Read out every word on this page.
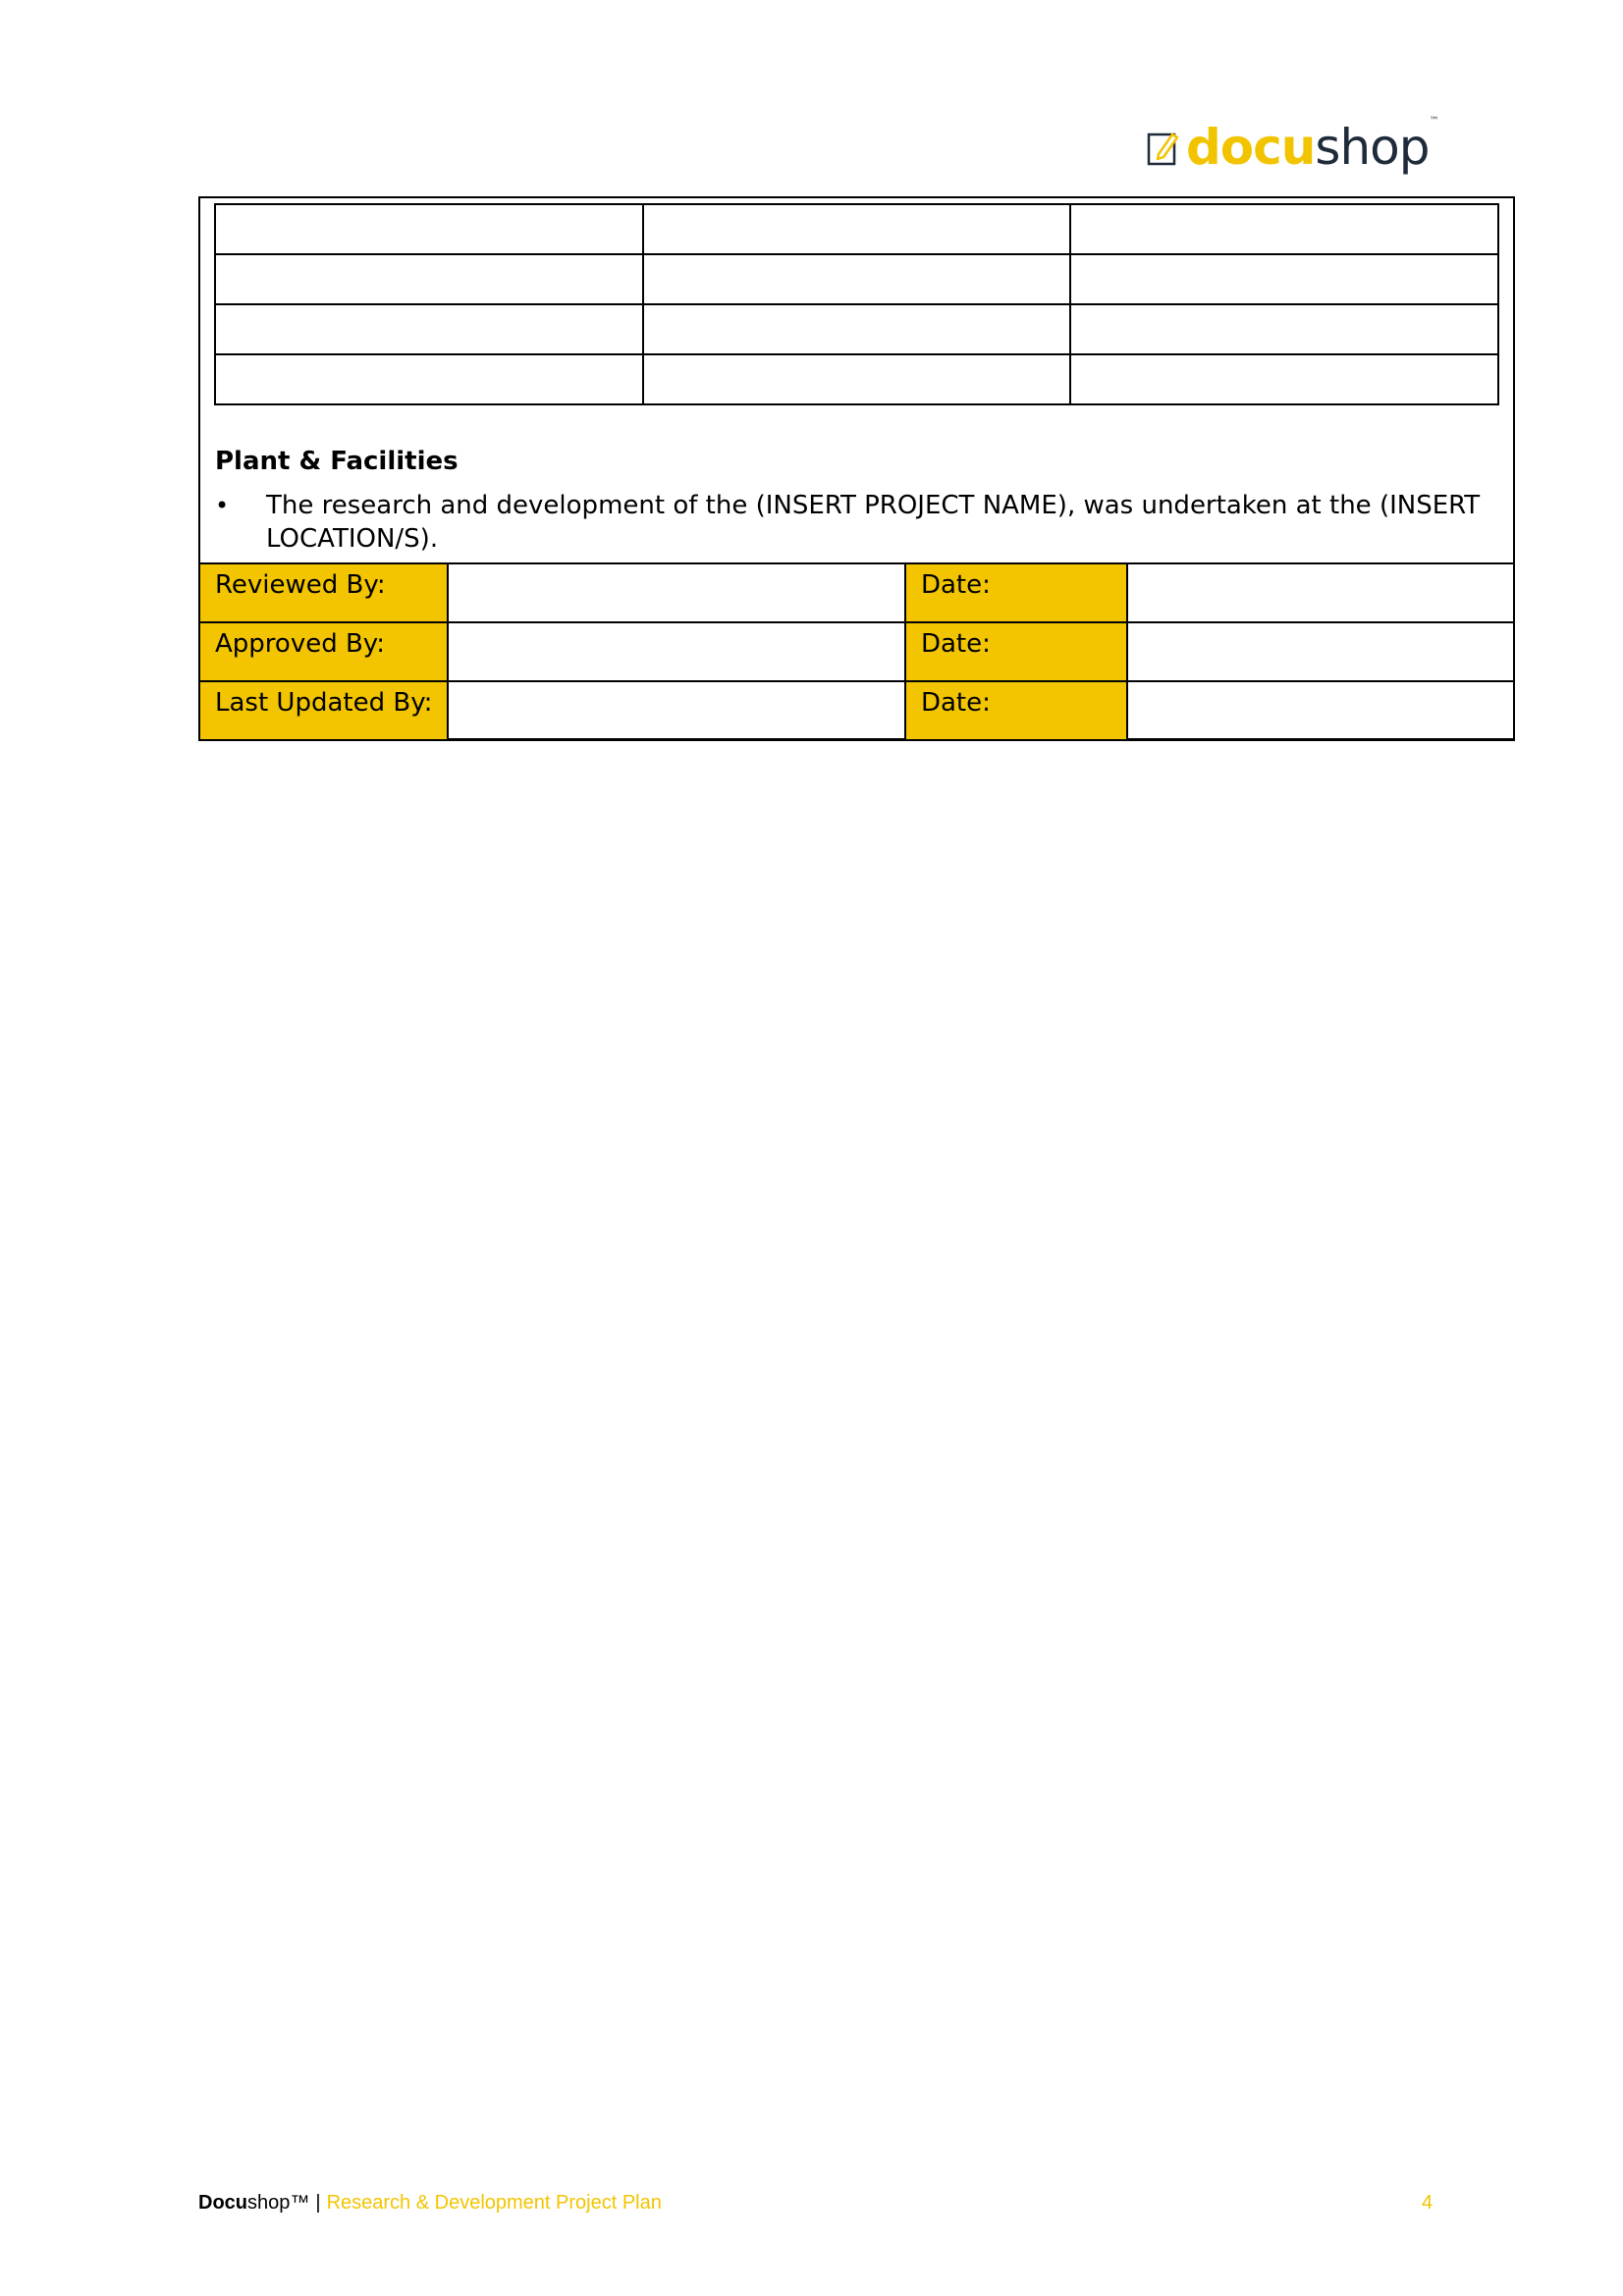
docushop™

Plant & Facilities
•	The research and development of the (INSERT PROJECT NAME), was undertaken at the (INSERT LOCATION/S).
Reviewed By:		Date:	
Approved By:		Date:	
Last Updated By:		Date:	
Docu shop™ | Research & Development Project Plan	4
